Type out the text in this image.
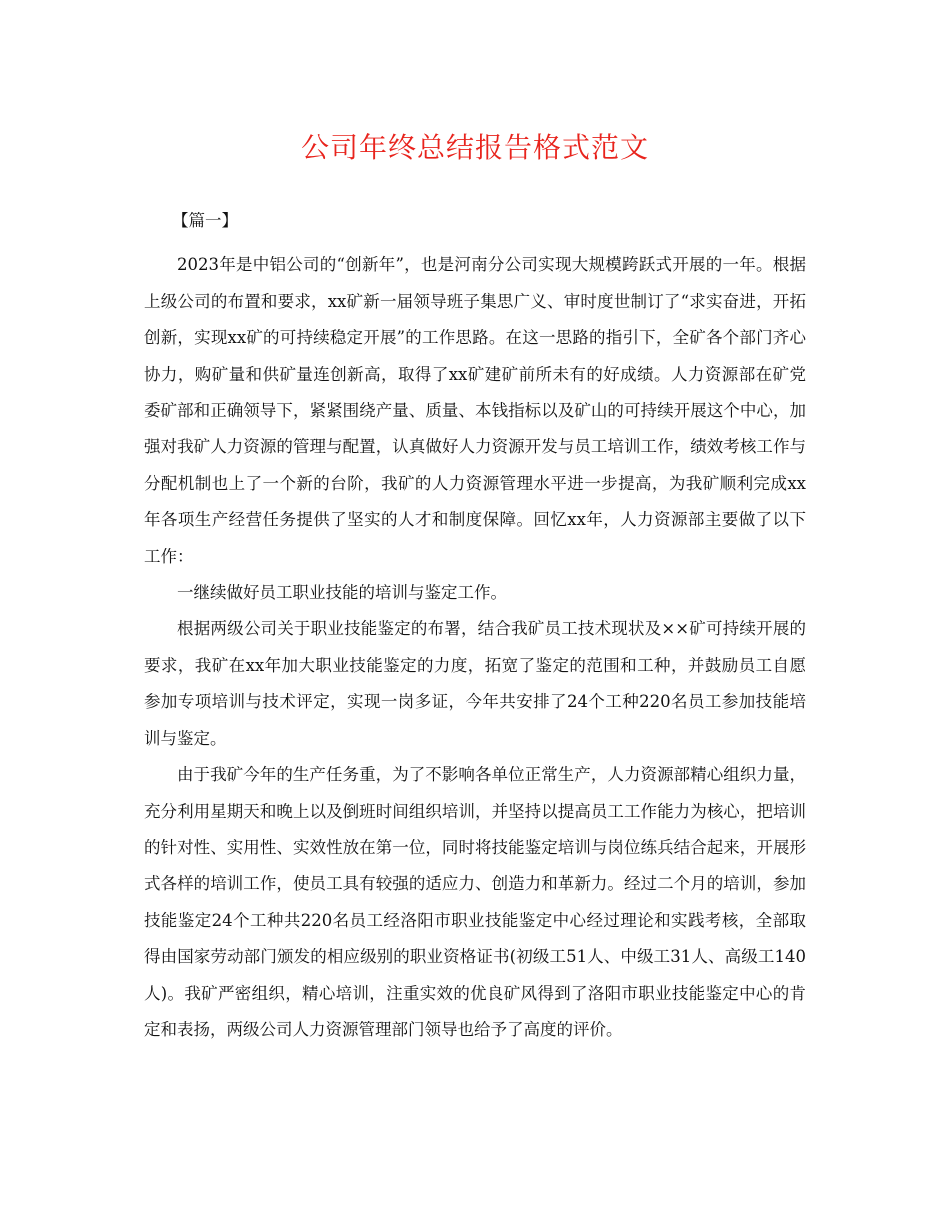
公司年终总结报告格式范文

【篇一】

2023年是中铝公司的“创新年”，也是河南分公司实现大规模跨跃式开展的一年。根据上级公司的布置和要求，xx矿新一届领导班子集思广义、审时度世制订了“求实奋进，开拓创新，实现xx矿的可持续稳定开展”的工作思路。在这一思路的指引下，全矿各个部门齐心协力，购矿量和供矿量连创新高，取得了xx矿建矿前所未有的好成绩。人力资源部在矿党委矿部和正确领导下，紧紧围绕产量、质量、本钱指标以及矿山的可持续开展这个中心，加强对我矿人力资源的管理与配置，认真做好人力资源开发与员工培训工作，绩效考核工作与分配机制也上了一个新的台阶，我矿的人力资源管理水平进一步提高，为我矿顺利完成xx年各项生产经营任务提供了坚实的人才和制度保障。回忆xx年，人力资源部主要做了以下工作：

一继续做好员工职业技能的培训与鉴定工作。

根据两级公司关于职业技能鉴定的布署，结合我矿员工技术现状及××矿可持续开展的要求，我矿在xx年加大职业技能鉴定的力度，拓宽了鉴定的范围和工种，并鼓励员工自愿参加专项培训与技术评定，实现一岗多证，今年共安排了24个工种220名员工参加技能培训与鉴定。

由于我矿今年的生产任务重，为了不影响各单位正常生产，人力资源部精心组织力量，充分利用星期天和晚上以及倒班时间组织培训，并坚持以提高员工工作能力为核心，把培训的针对性、实用性、实效性放在第一位，同时将技能鉴定培训与岗位练兵结合起来，开展形式各样的培训工作，使员工具有较强的适应力、创造力和革新力。经过二个月的培训，参加技能鉴定24个工种共220名员工经洛阳市职业技能鉴定中心经过理论和实践考核，全部取得由国家劳动部门颁发的相应级别的职业资格证书(初级工51人、中级工31人、高级工140人)。我矿严密组织，精心培训，注重实效的优良矿风得到了洛阳市职业技能鉴定中心的肯定和表扬，两级公司人力资源管理部门领导也给予了高度的评价。
